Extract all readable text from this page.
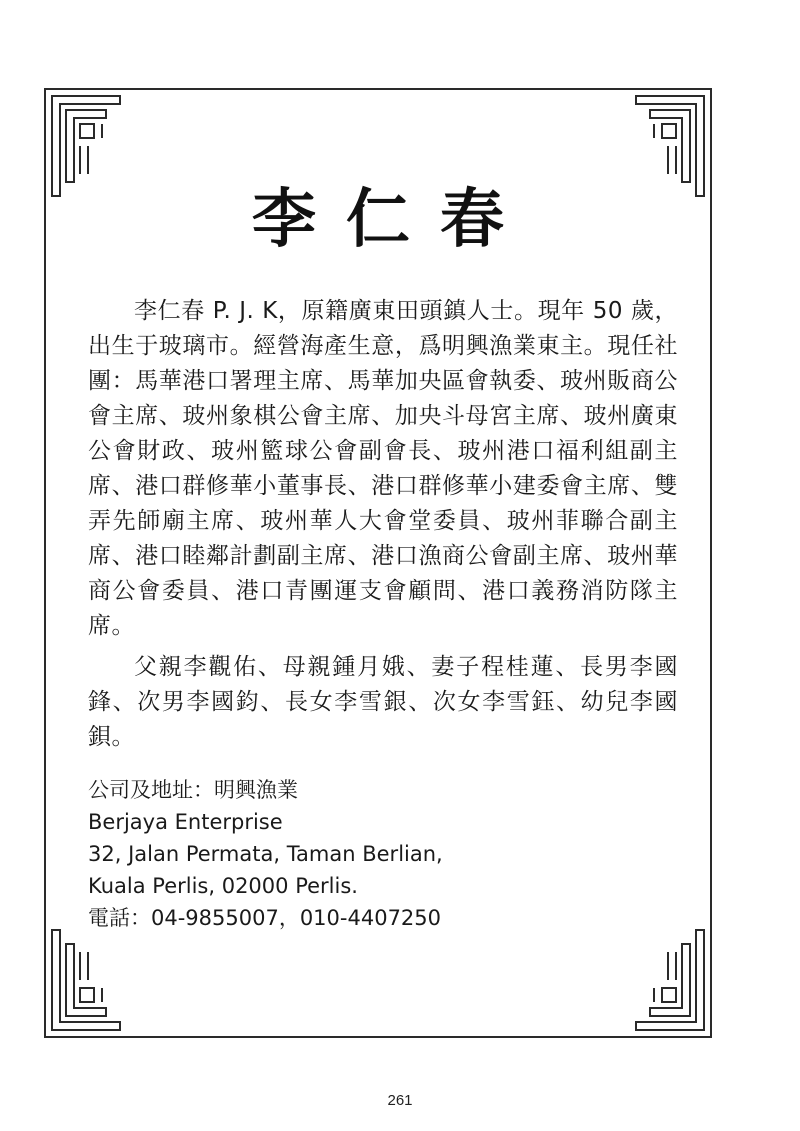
李仁春

李仁春 P. J. K，原籍廣東田頭鎮人士。現年 50 歲，出生于玻璃市。經營海產生意，爲明興漁業東主。現任社團：馬華港口署理主席、馬華加央區會執委、玻州販商公會主席、玻州象棋公會主席、加央斗母宮主席、玻州廣東公會財政、玻州籃球公會副會長、玻州港口福利組副主席、港口群修華小董事長、港口群修華小建委會主席、雙弄先師廟主席、玻州華人大會堂委員、玻州菲聯合副主席、港口睦鄰計劃副主席、港口漁商公會副主席、玻州華商公會委員、港口青團運支會顧問、港口義務消防隊主席。

父親李觀佑、母親鍾月娥、妻子程桂蓮、長男李國鋒、次男李國鈞、長女李雪銀、次女李雪鈺、幼兒李國鋇。

公司及地址：明興漁業
Berjaya Enterprise
32, Jalan Permata, Taman Berlian,
Kuala Perlis, 02000 Perlis.
電話：04-9855007，010-4407250
261
